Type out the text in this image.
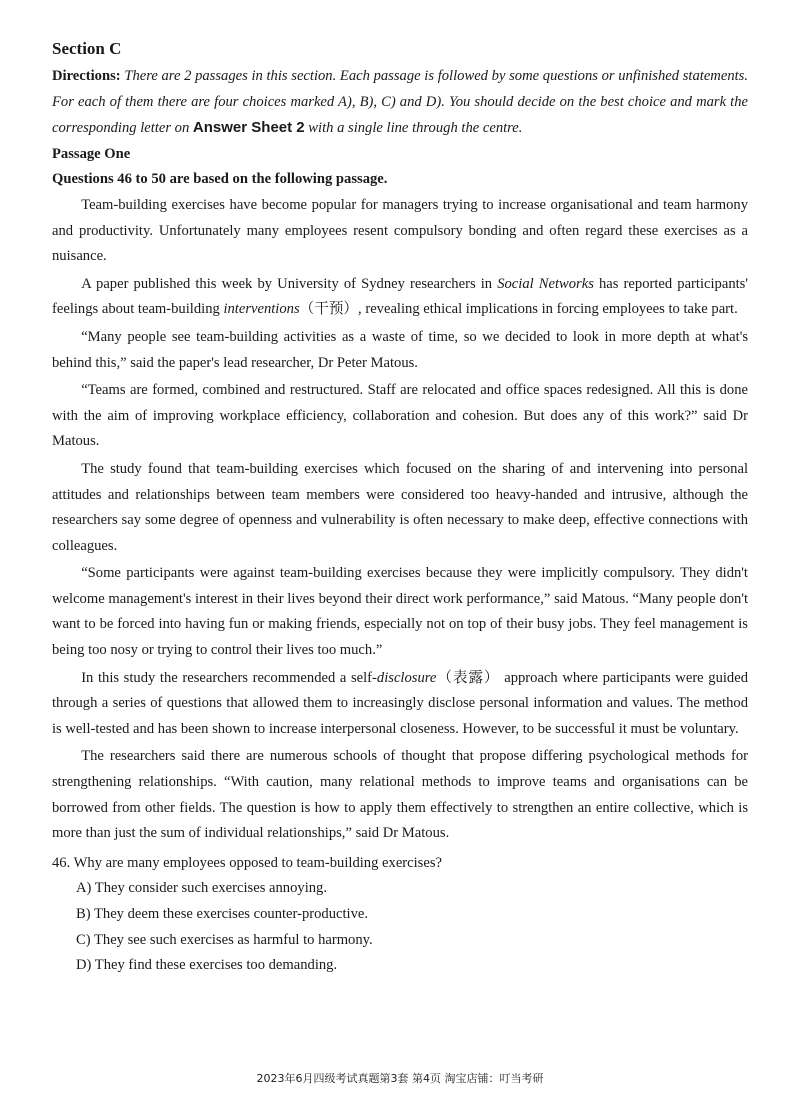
Section C

Directions: There are 2 passages in this section. Each passage is followed by some questions or unfinished statements. For each of them there are four choices marked A), B), C) and D). You should decide on the best choice and mark the corresponding letter on Answer Sheet 2 with a single line through the centre.

Passage One
Questions 46 to 50 are based on the following passage.

Team-building exercises have become popular for managers trying to increase organisational and team harmony and productivity. Unfortunately many employees resent compulsory bonding and often regard these exercises as a nuisance.

A paper published this week by University of Sydney researchers in Social Networks has reported participants' feelings about team-building interventions（干预）, revealing ethical implications in forcing employees to take part.

“Many people see team-building activities as a waste of time, so we decided to look in more depth at what's behind this,” said the paper's lead researcher, Dr Peter Matous.

“Teams are formed, combined and restructured. Staff are relocated and office spaces redesigned. All this is done with the aim of improving workplace efficiency, collaboration and cohesion. But does any of this work?” said Dr Matous.

The study found that team-building exercises which focused on the sharing of and intervening into personal attitudes and relationships between team members were considered too heavy-handed and intrusive, although the researchers say some degree of openness and vulnerability is often necessary to make deep, effective connections with colleagues.

“Some participants were against team-building exercises because they were implicitly compulsory. They didn't welcome management's interest in their lives beyond their direct work performance,” said Matous. “Many people don't want to be forced into having fun or making friends, especially not on top of their busy jobs. They feel management is being too nosy or trying to control their lives too much.”

In this study the researchers recommended a self-disclosure（表露） approach where participants were guided through a series of questions that allowed them to increasingly disclose personal information and values. The method is well-tested and has been shown to increase interpersonal closeness. However, to be successful it must be voluntary.

The researchers said there are numerous schools of thought that propose differing psychological methods for strengthening relationships. “With caution, many relational methods to improve teams and organisations can be borrowed from other fields. The question is how to apply them effectively to strengthen an entire collective, which is more than just the sum of individual relationships,” said Dr Matous.

46. Why are many employees opposed to team-building exercises?
A) They consider such exercises annoying.
B) They deem these exercises counter-productive.
C) They see such exercises as harmful to harmony.
D) They find these exercises too demanding.
2023年6月四级考试真题第3套 第4页 淘宝店铺：叮当考研
